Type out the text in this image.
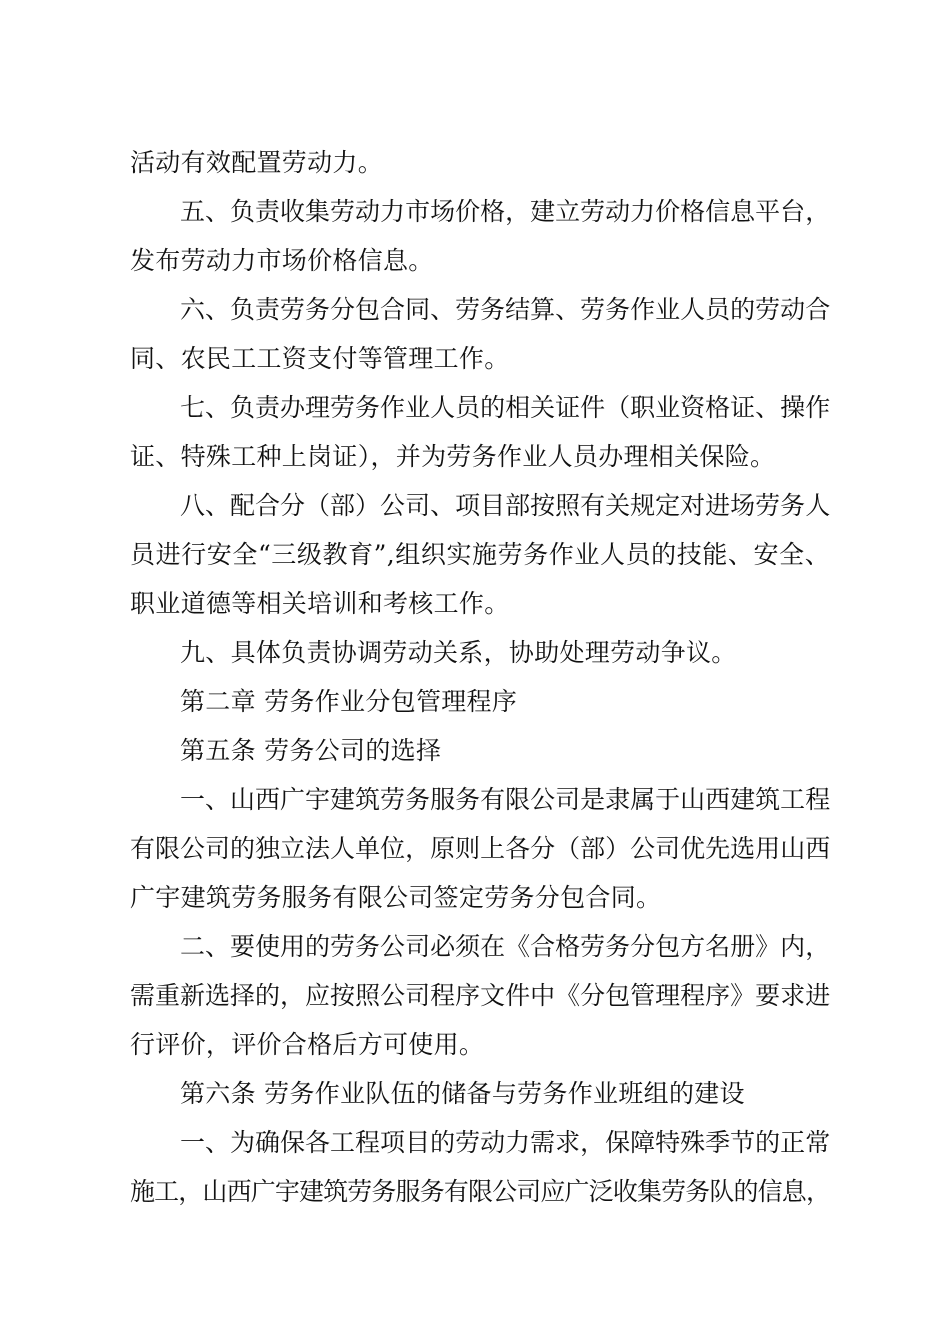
活动有效配置劳动力。
五、负责收集劳动力市场价格，建立劳动力价格信息平台，
发布劳动力市场价格信息。
六、负责劳务分包合同、劳务结算、劳务作业人员的劳动合
同、农民工工资支付等管理工作。
七、负责办理劳务作业人员的相关证件（职业资格证、操作
证、特殊工种上岗证），并为劳务作业人员办理相关保险。
八、配合分（部）公司、项目部按照有关规定对进场劳务人
员进行安全“三级教育”,组织实施劳务作业人员的技能、安全、
职业道德等相关培训和考核工作。
九、具体负责协调劳动关系，协助处理劳动争议。
第二章 劳务作业分包管理程序
第五条 劳务公司的选择
一、山西广宇建筑劳务服务有限公司是隶属于山西建筑工程
有限公司的独立法人单位，原则上各分（部）公司优先选用山西
广宇建筑劳务服务有限公司签定劳务分包合同。
二、要使用的劳务公司必须在《合格劳务分包方名册》内，
需重新选择的，应按照公司程序文件中《分包管理程序》要求进
行评价，评价合格后方可使用。
第六条 劳务作业队伍的储备与劳务作业班组的建设
一、为确保各工程项目的劳动力需求，保障特殊季节的正常
施工，山西广宇建筑劳务服务有限公司应广泛收集劳务队的信息，
